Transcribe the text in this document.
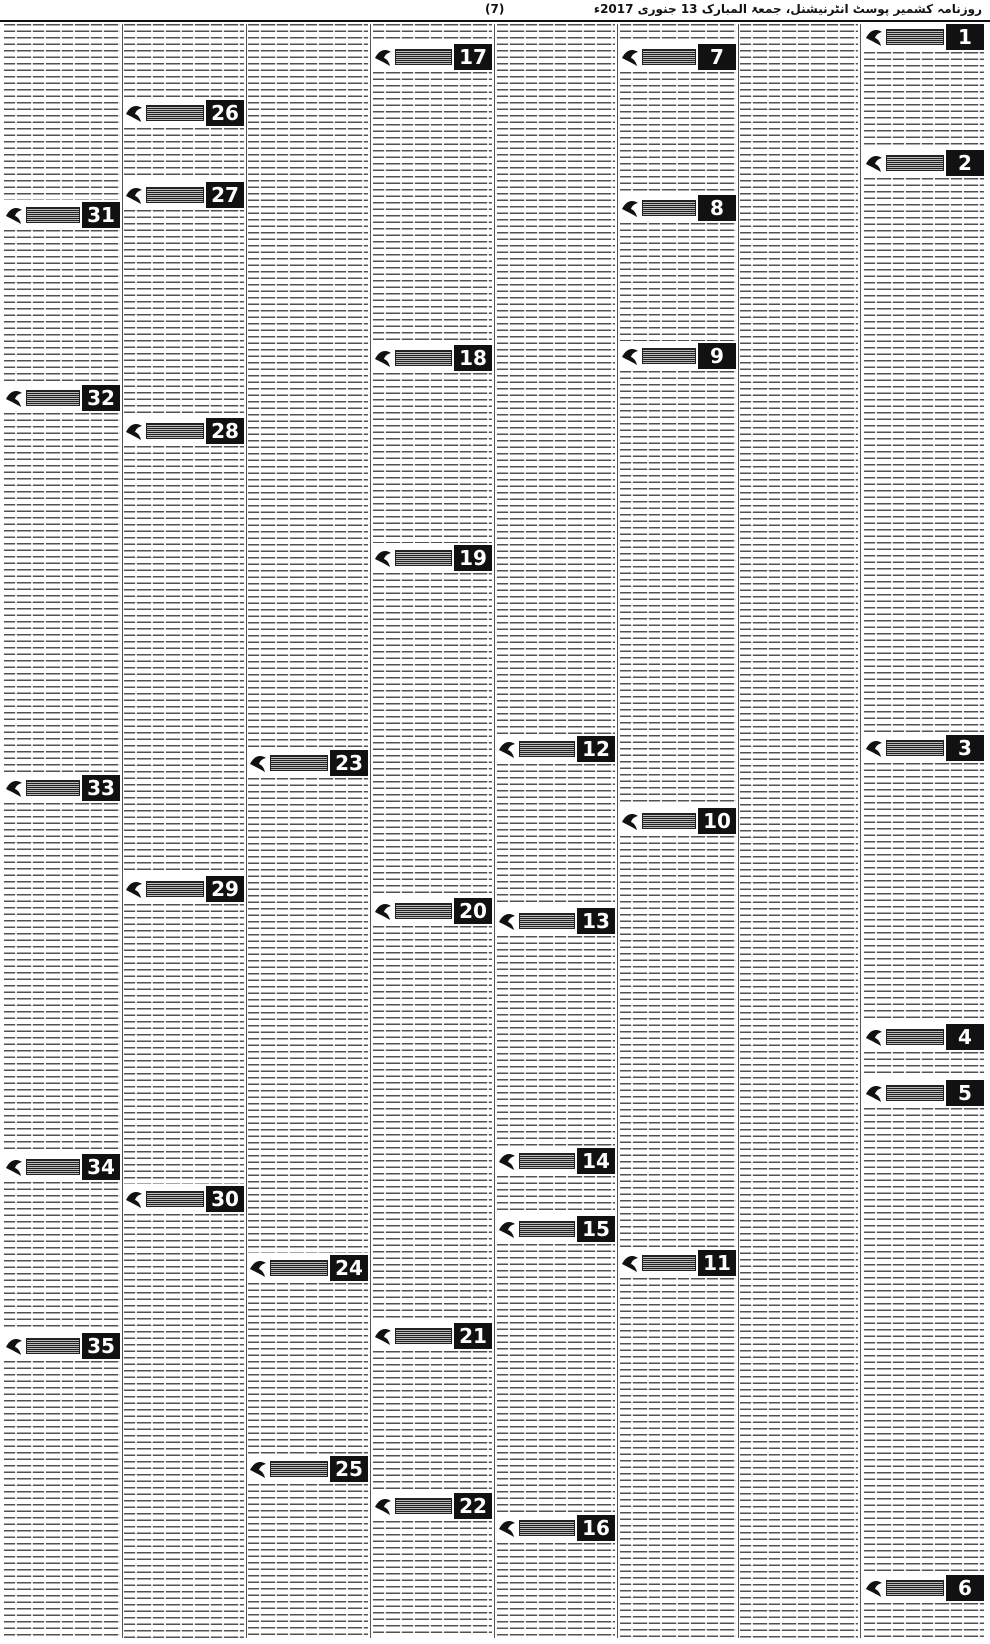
روزنامہ کشمیر پوسٹ انٹرنیشنل، جمعۃ المبارک 13 جنوری 2017ء
(7)
1
2
3
4
5
6
7
8
9
10
11
12
13
14
15
16
17
18
19
20
21
22
23
24
25
26
27
28
29
30
31
32
33
34
35
